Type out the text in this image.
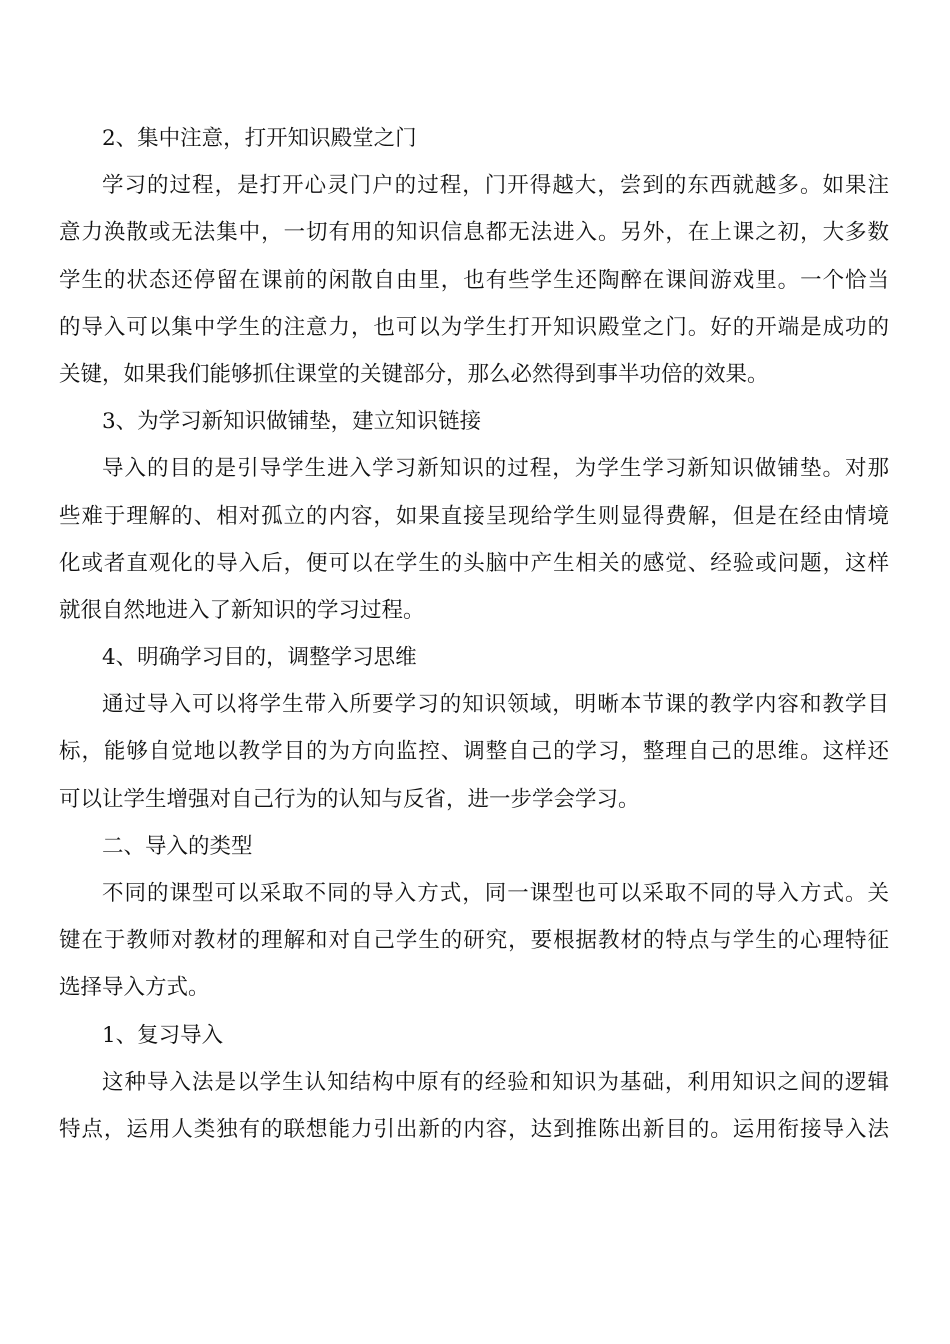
2、集中注意，打开知识殿堂之门
学习的过程，是打开心灵门户的过程，门开得越大，尝到的东西就越多。如果注
意力涣散或无法集中，一切有用的知识信息都无法进入。另外，在上课之初，大多数
学生的状态还停留在课前的闲散自由里，也有些学生还陶醉在课间游戏里。一个恰当
的导入可以集中学生的注意力，也可以为学生打开知识殿堂之门。好的开端是成功的
关键，如果我们能够抓住课堂的关键部分，那么必然得到事半功倍的效果。
3、为学习新知识做铺垫，建立知识链接
导入的目的是引导学生进入学习新知识的过程，为学生学习新知识做铺垫。对那
些难于理解的、相对孤立的内容，如果直接呈现给学生则显得费解，但是在经由情境
化或者直观化的导入后，便可以在学生的头脑中产生相关的感觉、经验或问题，这样
就很自然地进入了新知识的学习过程。
4、明确学习目的，调整学习思维
通过导入可以将学生带入所要学习的知识领域，明晰本节课的教学内容和教学目
标，能够自觉地以教学目的为方向监控、调整自己的学习，整理自己的思维。这样还
可以让学生增强对自己行为的认知与反省，进一步学会学习。
二、导入的类型
不同的课型可以采取不同的导入方式，同一课型也可以采取不同的导入方式。关
键在于教师对教材的理解和对自己学生的研究，要根据教材的特点与学生的心理特征
选择导入方式。
1、复习导入
这种导入法是以学生认知结构中原有的经验和知识为基础，利用知识之间的逻辑
特点，运用人类独有的联想能力引出新的内容，达到推陈出新目的。运用衔接导入法
